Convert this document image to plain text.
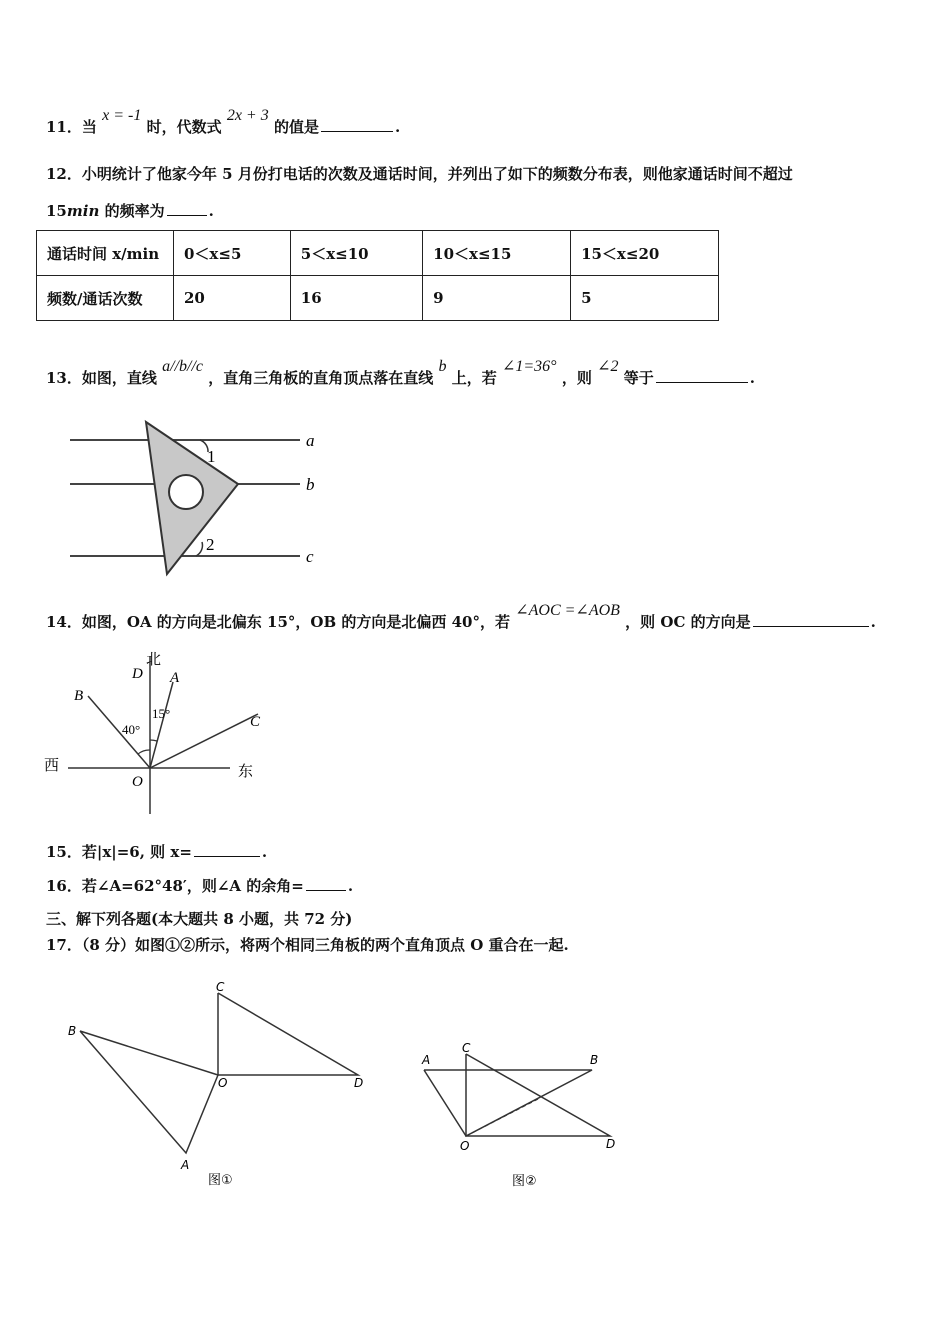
11．当 x = -1 时，代数式 2x + 3 的值是	.
12．小明统计了他家今年 5 月份打电话的次数及通话时间，并列出了如下的频数分布表，则他家通话时间不超过
15min 的频率为	.
通话时间 x/min	0＜x≤5	5＜x≤10	10＜x≤15	15＜x≤20
频数/通话次数	20	16	9	5
13．如图，直线 a//b//c ，直角三角板的直角顶点落在直线 b 上，若 ∠1=36° ，则 ∠2 等于	.
a
b
c
1
2
14．如图，OA 的方向是北偏东 15°，OB 的方向是北偏西 40°，若 ∠AOC =∠AOB ，则 OC 的方向是	.
北
D A
B
C
O
西	东
40°
15°
15．若|x|=6, 则 x=	.
16．若∠A=62°48′，则∠A 的余角=	.
三、解下列各题(本大题共 8 小题，共 72 分)
17．（8 分）如图①②所示，将两个相同三角板的两个直角顶点 O 重合在一起.
C
B
O	D
A
图①
A
C
B
O	D
图②
